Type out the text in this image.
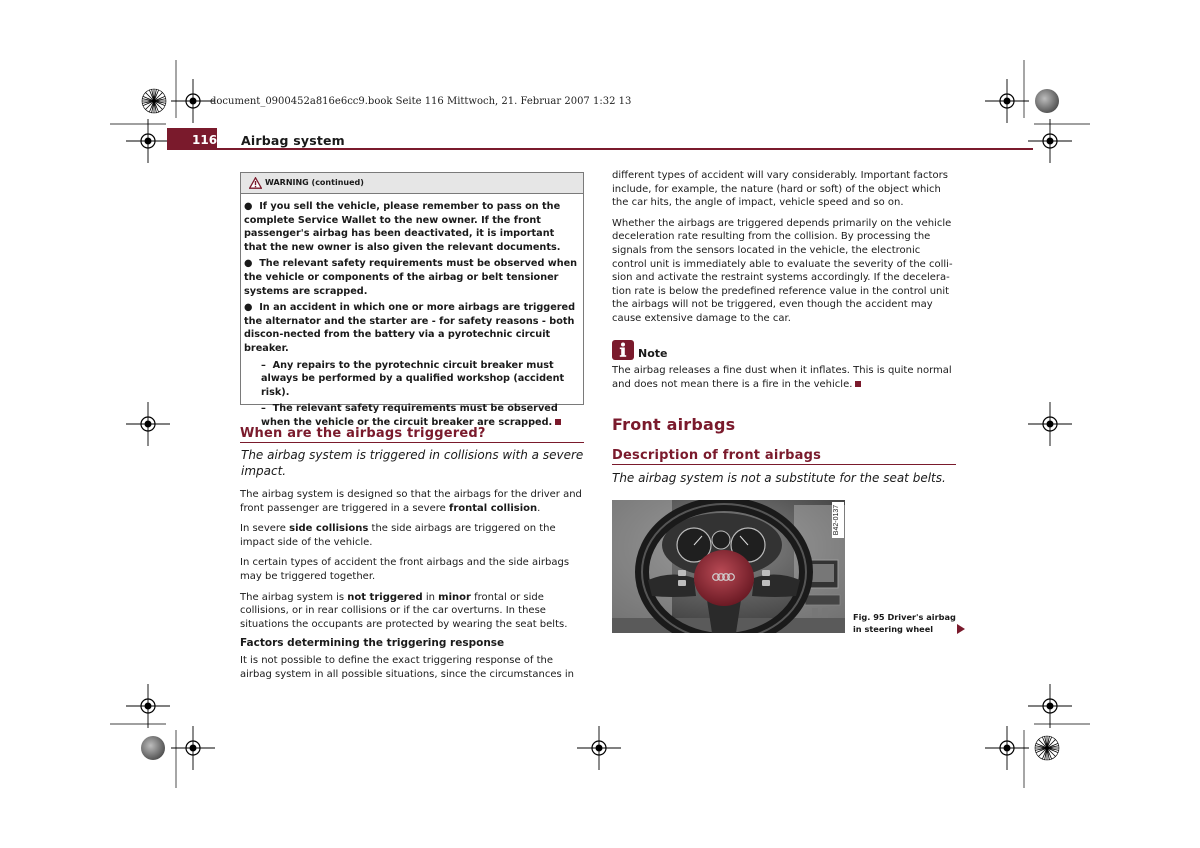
document_0900452a816e6cc9.book Seite 116 Mittwoch, 21. Februar 2007 1:32 13
116 Airbag system
WARNING (continued)

●  If you sell the vehicle, please remember to pass on the complete Service Wallet to the new owner. If the front passenger's airbag has been deactivated, it is important that the new owner is also given the relevant documents.

●  The relevant safety requirements must be observed when the vehicle or components of the airbag or belt tensioner systems are scrapped.

●  In an accident in which one or more airbags are triggered the alternator and the starter are - for safety reasons - both discon-nected from the battery via a pyrotechnic circuit breaker.

–  Any repairs to the pyrotechnic circuit breaker must always be performed by a qualified workshop (accident risk).

–  The relevant safety requirements must be observed when the vehicle or the circuit breaker are scrapped.

When are the airbags triggered?
The airbag system is triggered in collisions with a severe impact.

The airbag system is designed so that the airbags for the driver and front passenger are triggered in a severe frontal collision.

In severe side collisions the side airbags are triggered on the impact side of the vehicle.

In certain types of accident the front airbags and the side airbags may be triggered together.

The airbag system is not triggered in minor frontal or side collisions, or in rear collisions or if the car overturns. In these situations the occupants are protected by wearing the seat belts.

Factors determining the triggering response
It is not possible to define the exact triggering response of the airbag system in all possible situations, since the circumstances in

different types of accident will vary considerably. Important factors include, for example, the nature (hard or soft) of the object which the car hits, the angle of impact, vehicle speed and so on.

Whether the airbags are triggered depends primarily on the vehicle deceleration rate resulting from the collision. By processing the signals from the sensors located in the vehicle, the electronic control unit is immediately able to evaluate the severity of the colli-sion and activate the restraint systems accordingly. If the decelera-tion rate is below the predefined reference value in the control unit the airbags will not be triggered, even though the accident may cause extensive damage to the car.

Note
The airbag releases a fine dust when it inflates. This is quite normal and does not mean there is a fire in the vehicle.
Front airbags
Description of front airbags
The airbag system is not a substitute for the seat belts.
B42-0137
Fig. 95 Driver's airbag
in steering wheel
